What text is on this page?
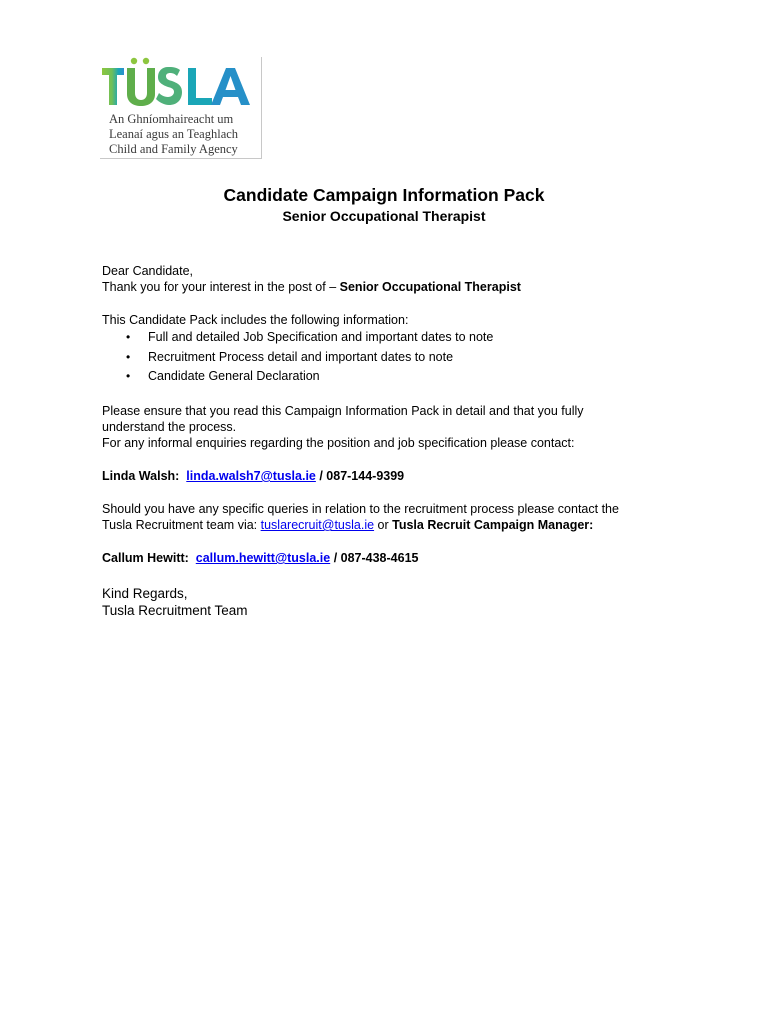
An Ghníomhaireacht um
Leanaí agus an Teaghlach
Child and Family Agency
Candidate Campaign Information Pack
Senior Occupational Therapist
Dear Candidate,
Thank you for your interest in the post of – Senior Occupational Therapist
This Candidate Pack includes the following information:
• Full and detailed Job Specification and important dates to note
• Recruitment Process detail and important dates to note
• Candidate General Declaration
Please ensure that you read this Campaign Information Pack in detail and that you fully
understand the process.
For any informal enquiries regarding the position and job specification please contact:
Linda Walsh: linda.walsh7@tusla.ie / 087-144-9399
Should you have any specific queries in relation to the recruitment process please contact the
Tusla Recruitment team via: tuslarecruit@tusla.ie or Tusla Recruit Campaign Manager:
Callum Hewitt: callum.hewitt@tusla.ie / 087-438-4615
Kind Regards,
Tusla Recruitment Team
